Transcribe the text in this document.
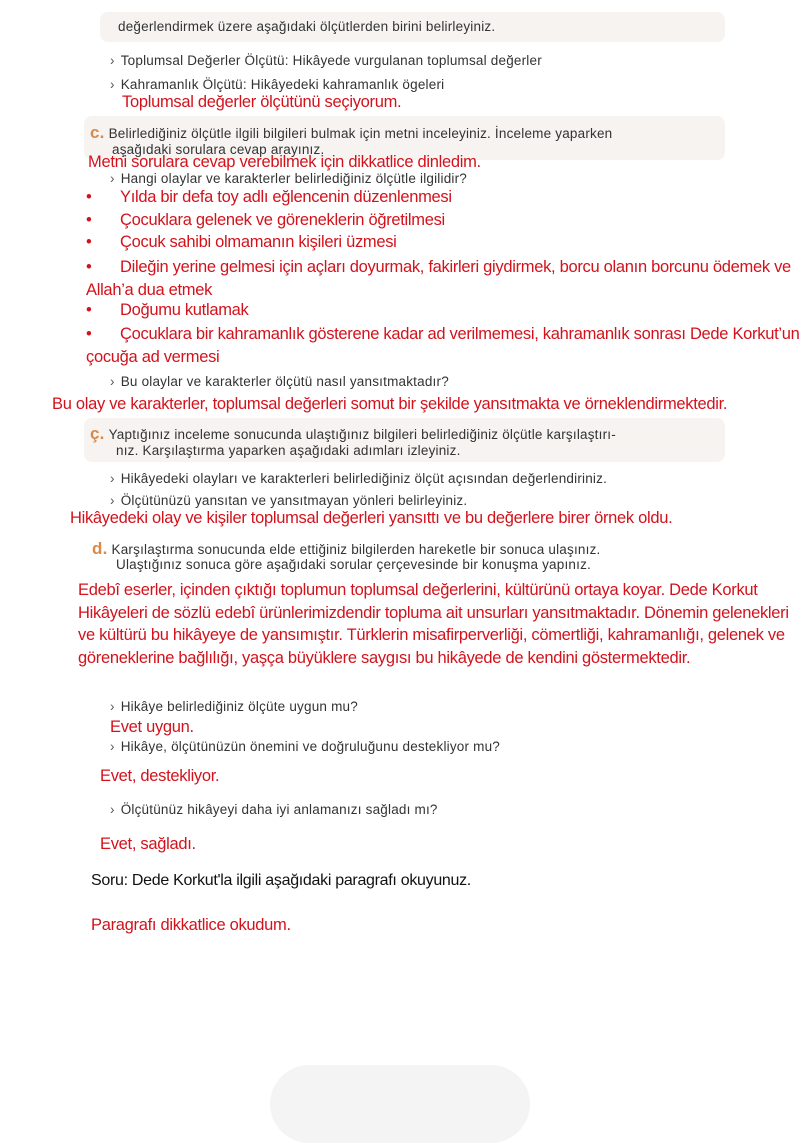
değerlendirmek üzere aşağıdaki ölçütlerden birini belirleyiniz.
› Toplumsal Değerler Ölçütü: Hikâyede vurgulanan toplumsal değerler
› Kahramanlık Ölçütü: Hikâyedeki kahramanlık ögeleri
Toplumsal değerler ölçütünü seçiyorum.
c. Belirlediğiniz ölçütle ilgili bilgileri bulmak için metni inceleyiniz. İnceleme yaparken
aşağıdaki sorulara cevap arayınız.
Metni sorulara cevap verebilmek için dikkatlice dinledim.
› Hangi olaylar ve karakterler belirlediğiniz ölçütle ilgilidir?
• Yılda bir defa toy adlı eğlencenin düzenlenmesi
• Çocuklara gelenek ve göreneklerin öğretilmesi
• Çocuk sahibi olmamanın kişileri üzmesi
• Dileğin yerine gelmesi için açları doyurmak, fakirleri giydirmek, borcu olanın borcunu ödemek ve Allah’a dua etmek
• Doğumu kutlamak
• Çocuklara bir kahramanlık gösterene kadar ad verilmemesi, kahramanlık sonrası Dede Korkut’un çocuğa ad vermesi
› Bu olaylar ve karakterler ölçütü nasıl yansıtmaktadır?
Bu olay ve karakterler, toplumsal değerleri somut bir şekilde yansıtmakta ve örneklendirmektedir.
ç. Yaptığınız inceleme sonucunda ulaştığınız bilgileri belirlediğiniz ölçütle karşılaştırı-
nız. Karşılaştırma yaparken aşağıdaki adımları izleyiniz.
› Hikâyedeki olayları ve karakterleri belirlediğiniz ölçüt açısından değerlendiriniz.
› Ölçütünüzü yansıtan ve yansıtmayan yönleri belirleyiniz.
Hikâyedeki olay ve kişiler toplumsal değerleri yansıttı ve bu değerlere birer örnek oldu.
d. Karşılaştırma sonucunda elde ettiğiniz bilgilerden hareketle bir sonuca ulaşınız.
Ulaştığınız sonuca göre aşağıdaki sorular çerçevesinde bir konuşma yapınız.
Edebî eserler, içinden çıktığı toplumun toplumsal değerlerini, kültürünü ortaya koyar. Dede Korkut Hikâyeleri de sözlü edebî ürünlerimizdendir topluma ait unsurları yansıtmaktadır. Dönemin gelenekleri ve kültürü bu hikâyeye de yansımıştır. Türklerin misafirperverliği, cömertliği, kahramanlığı, gelenek ve göreneklerine bağlılığı, yaşça büyüklere saygısı bu hikâyede de kendini göstermektedir.
› Hikâye belirlediğiniz ölçüte uygun mu?
Evet uygun.
› Hikâye, ölçütünüzün önemini ve doğruluğunu destekliyor mu?
Evet, destekliyor.
› Ölçütünüz hikâyeyi daha iyi anlamanızı sağladı mı?
Evet, sağladı.
Soru: Dede Korkut'la ilgili aşağıdaki paragrafı okuyunuz.
Paragrafı dikkatlice okudum.
